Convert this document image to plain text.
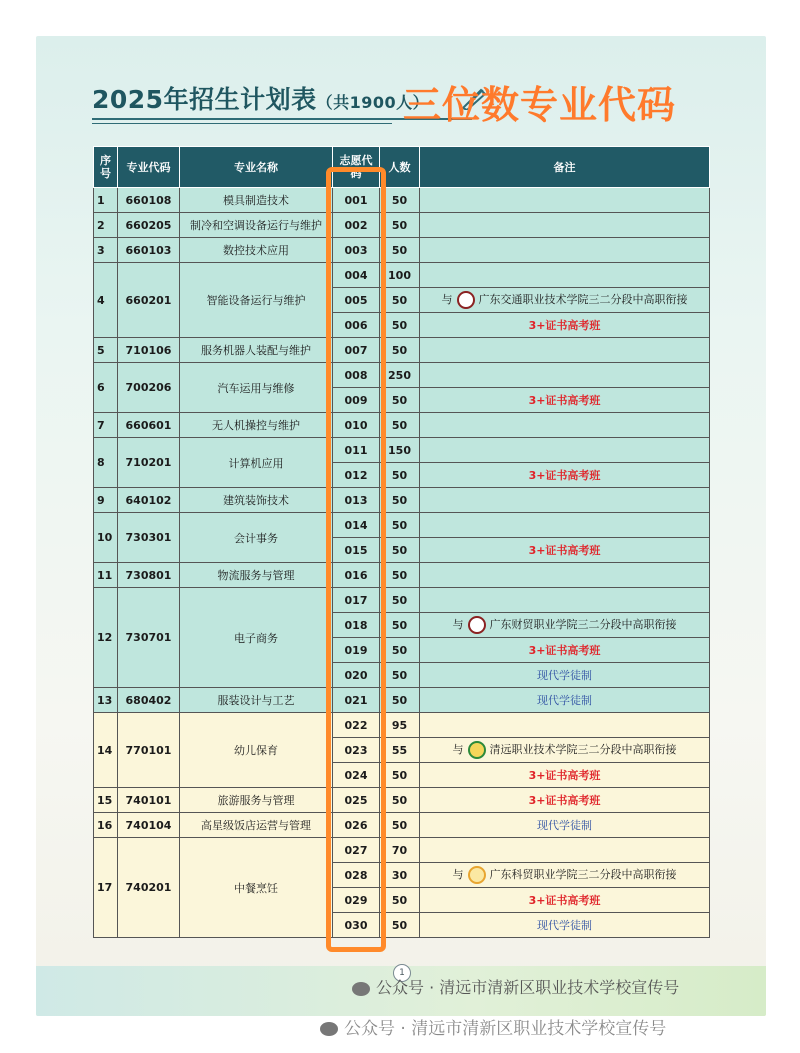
2025年招生计划表（共1900人）
三位数专业代码
序号	专业代码	专业名称	志愿代码	人数	备注
1	660108	模具制造技术	001	50	
2	660205	制冷和空调设备运行与维护	002	50	
3	660103	数控技术应用	003	50	
4	660201	智能设备运行与维护	004	100	
			005	50	与 广东交通职业技术学院三二分段中高职衔接
			006	50	3+证书高考班
5	710106	服务机器人装配与维护	007	50	
6	700206	汽车运用与维修	008	250	
			009	50	3+证书高考班
7	660601	无人机操控与维护	010	50	
8	710201	计算机应用	011	150	
			012	50	3+证书高考班
9	640102	建筑装饰技术	013	50	
10	730301	会计事务	014	50	
			015	50	3+证书高考班
11	730801	物流服务与管理	016	50	
12	730701	电子商务	017	50	
			018	50	与 广东财贸职业学院三二分段中高职衔接
			019	50	3+证书高考班
			020	50	现代学徒制
13	680402	服装设计与工艺	021	50	现代学徒制
14	770101	幼儿保育	022	95	
			023	55	与 清远职业技术学院三二分段中高职衔接
			024	50	3+证书高考班
15	740101	旅游服务与管理	025	50	3+证书高考班
16	740104	高星级饭店运营与管理	026	50	现代学徒制
17	740201	中餐烹饪	027	70	
			028	30	与 广东科贸职业学院三二分段中高职衔接
			029	50	3+证书高考班
			030	50	现代学徒制
1
公众号 · 清远市清新区职业技术学校宣传号
公众号 · 清远市清新区职业技术学校宣传号
